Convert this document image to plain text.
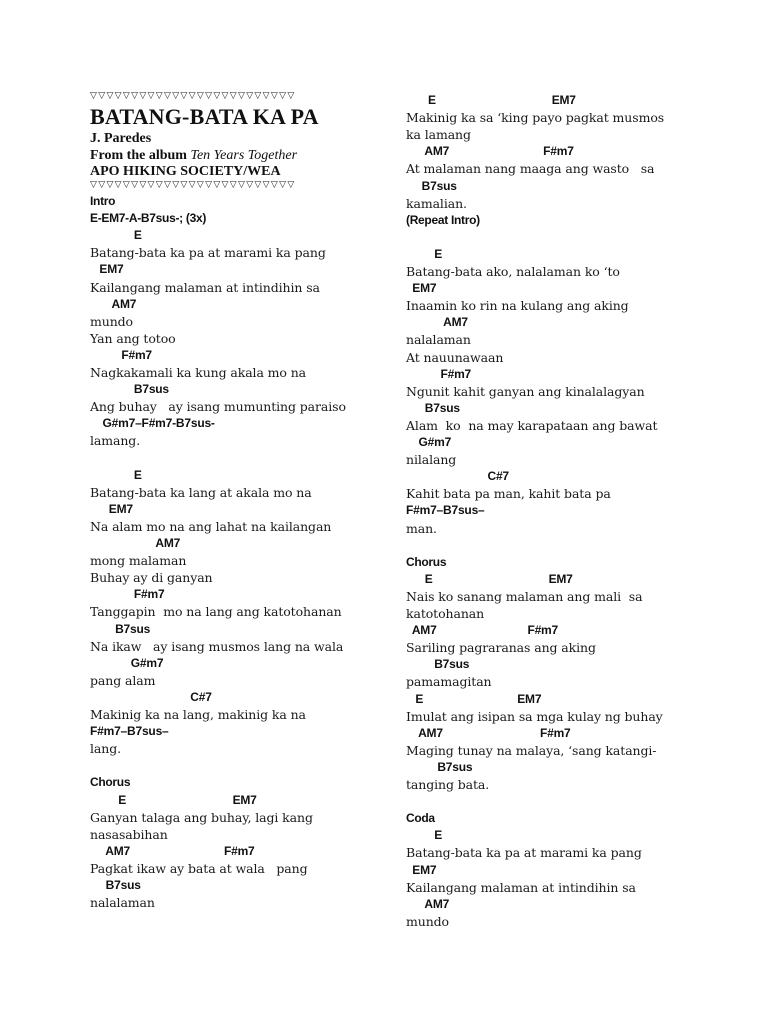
▽▽▽▽▽▽▽▽▽▽▽▽▽▽▽▽▽▽▽▽▽▽▽▽▽
BATANG-BATA KA PA
J. Paredes
From the album Ten Years Together
APO HIKING SOCIETY/WEA
▽▽▽▽▽▽▽▽▽▽▽▽▽▽▽▽▽▽▽▽▽▽▽▽▽
Intro
E-EM7-A-B7sus-; (3x)
E
Batang-bata ka pa at marami ka pang
EM7
Kailangang malaman at intindihin sa
AM7
mundo
Yan ang totoo
F#m7
Nagkakamali ka kung akala mo na
B7sus
Ang buhay   ay isang mumunting paraiso
G#m7–F#m7-B7sus-
lamang.
E
Batang-bata ka lang at akala mo na
EM7
Na alam mo na ang lahat na kailangan
AM7
mong malaman
Buhay ay di ganyan
F#m7
Tanggapin  mo na lang ang katotohanan
B7sus
Na ikaw   ay isang musmos lang na wala
G#m7
pang alam
C#7
Makinig ka na lang, makinig ka na
F#m7–B7sus–
lang.
Chorus
E                                  EM7
Ganyan talaga ang buhay, lagi kang
nasasabihan
AM7                              F#m7
Pagkat ikaw ay bata at wala   pang
B7sus
nalalaman
E                                     EM7
Makinig ka sa ‘king payo pagkat musmos
ka lamang
AM7                              F#m7
At malaman nang maaga ang wasto   sa
B7sus
kamalian.
(Repeat Intro)
E
Batang-bata ako, nalalaman ko ‘to
EM7
Inaamin ko rin na kulang ang aking
AM7
nalalaman
At nauunawaan
F#m7
Ngunit kahit ganyan ang kinalalagyan
B7sus
Alam  ko  na may karapataan ang bawat
G#m7
nilalang
C#7
Kahit bata pa man, kahit bata pa
F#m7–B7sus–
man.
Chorus
E                                     EM7
Nais ko sanang malaman ang mali  sa
katotohanan
AM7                             F#m7
Sariling pagraranas ang aking
B7sus
pamamagitan
E                              EM7
Imulat ang isipan sa mga kulay ng buhay
AM7                               F#m7
Maging tunay na malaya, ‘sang katangi-
B7sus
tanging bata.
Coda
E
Batang-bata ka pa at marami ka pang
EM7
Kailangang malaman at intindihin sa
AM7
mundo
